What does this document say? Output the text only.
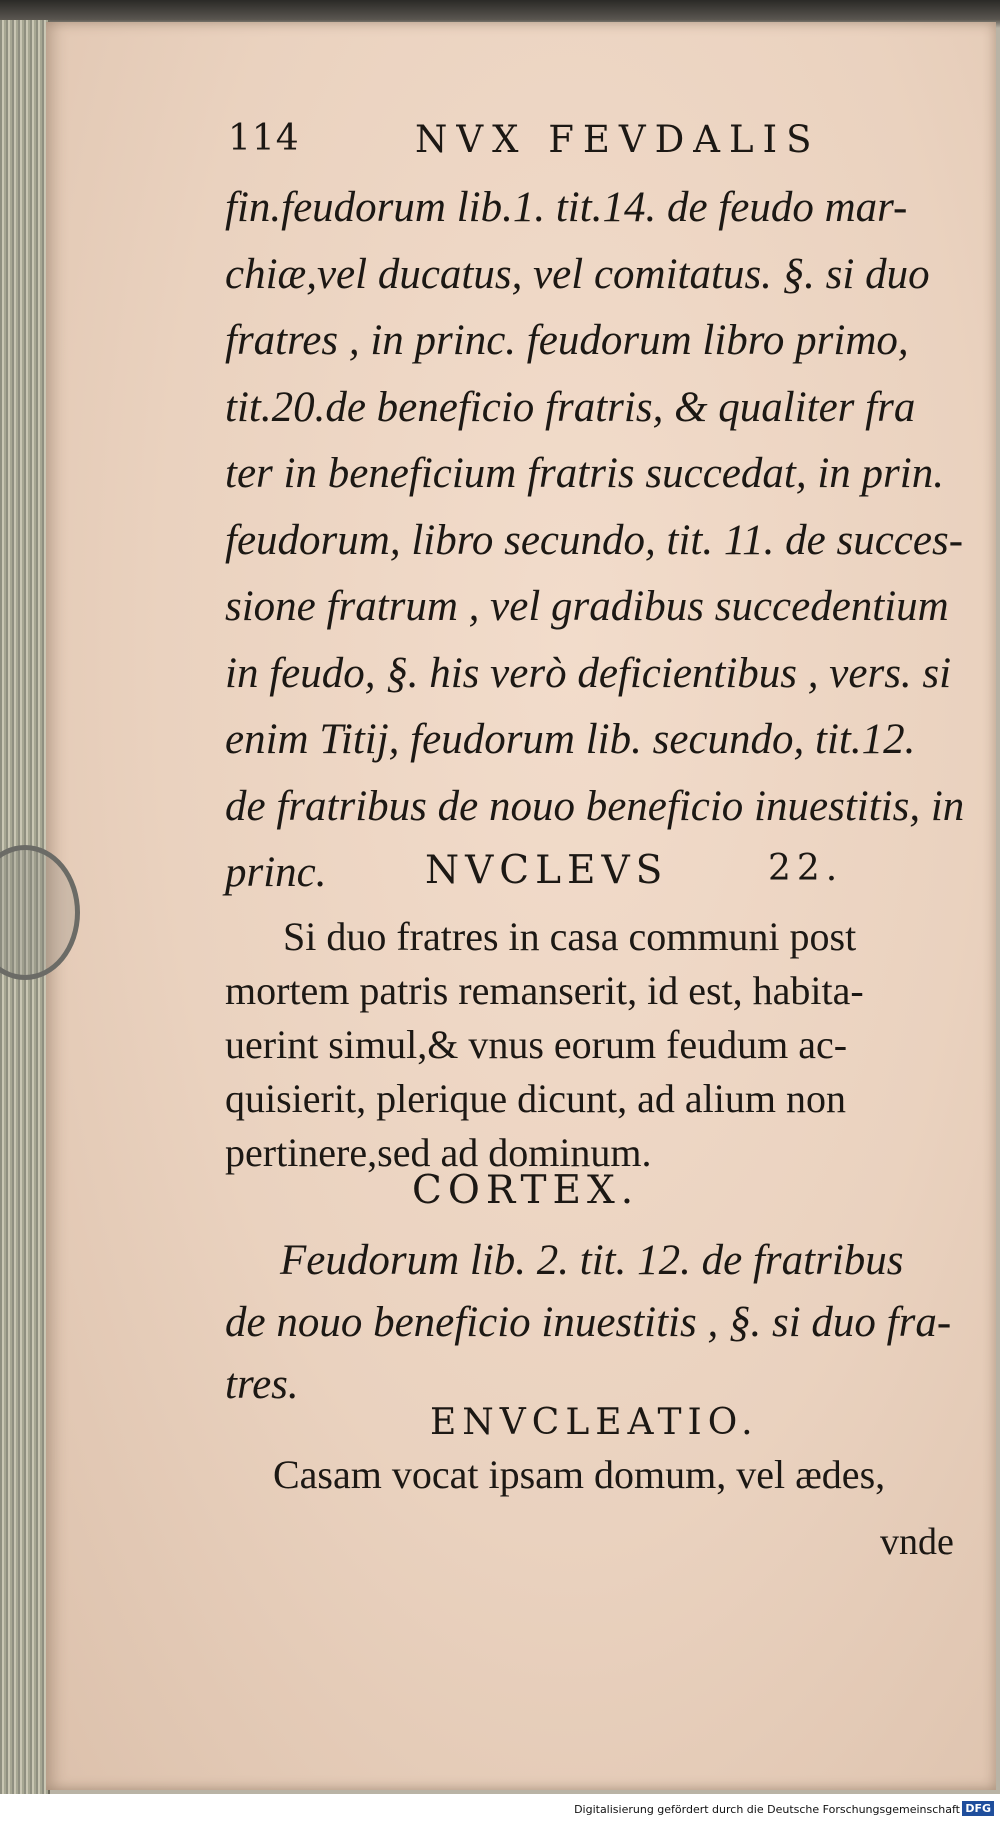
114	NVX FEVDALIS
fin.feudorum lib.1. tit.14. de feudo mar-
chiæ,vel ducatus, vel comitatus. §. si duo
fratres , in princ. feudorum libro primo,
tit.20.de beneficio fratris, & qualiter fra
ter in beneficium fratris succedat, in prin.
feudorum, libro secundo, tit. 11. de succes-
sione fratrum , vel gradibus succedentium
in feudo, §. his verò deficientibus , vers. si
enim Titij, feudorum lib. secundo, tit.12.
de fratribus de nouo beneficio inuestitis, in
princ.	NVCLEVS	22.
Si duo fratres in casa communi post
mortem patris remanserit, id est, habita-
uerint simul,& vnus eorum feudum ac-
quisierit, plerique dicunt, ad alium non
pertinere,sed ad dominum.
CORTEX.
Feudorum lib. 2. tit. 12. de fratribus
de nouo beneficio inuestitis , §. si duo fra-
tres.
ENVCLEATIO.
Casam vocat ipsam domum, vel ædes,
vnde
Digitalisierung gefördert durch die Deutsche Forschungsgemeinschaft DFG
